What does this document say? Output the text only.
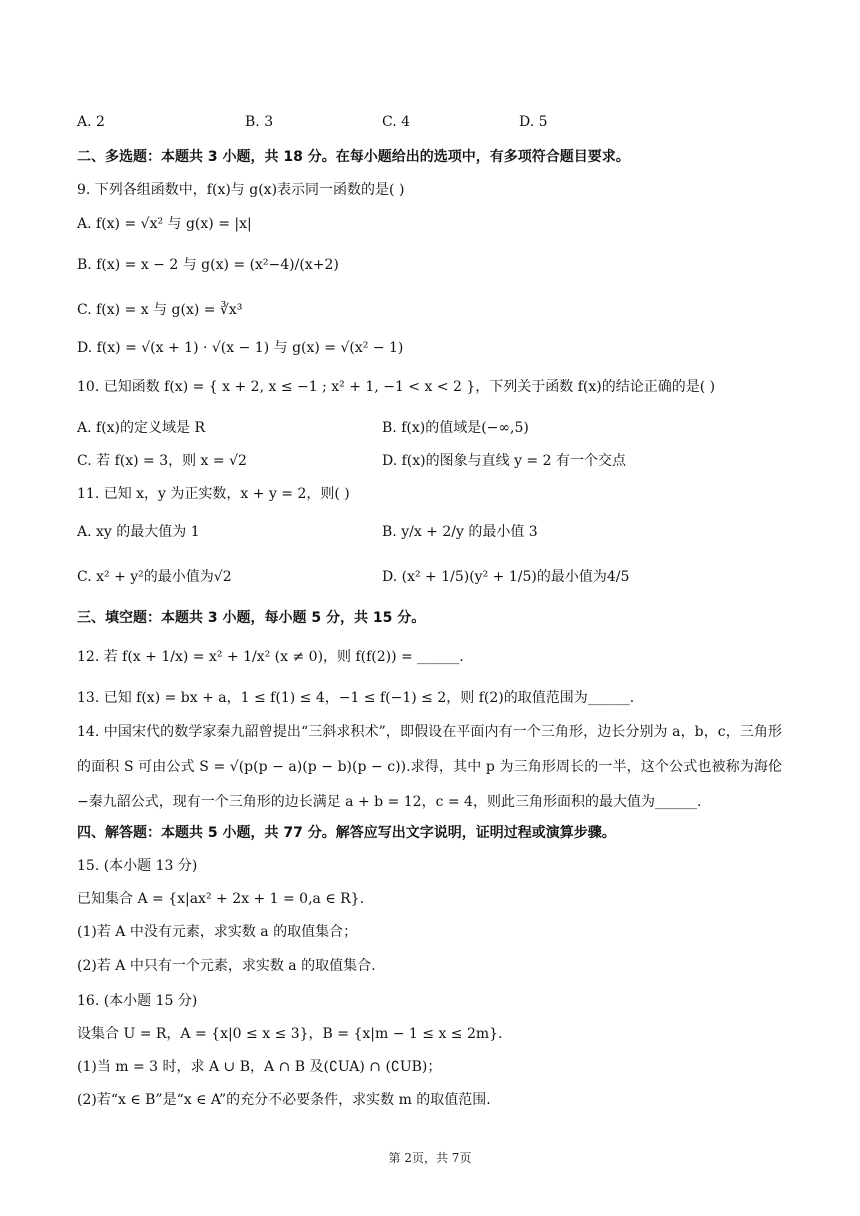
A. 2	B. 3	C. 4	D. 5
二、多选题：本题共 3 小题，共 18 分。在每小题给出的选项中，有多项符合题目要求。
9. 下列各组函数中，f(x)与 g(x)表示同一函数的是( )
A. f(x) = √x² 与 g(x) = |x|
B. f(x) = x − 2 与 g(x) = (x²−4)/(x+2)
C. f(x) = x 与 g(x) = ∛x³
D. f(x) = √(x + 1) · √(x − 1) 与 g(x) = √(x² − 1)
10. 已知函数 f(x) = { x + 2, x ≤ −1 ; x² + 1, −1 < x < 2 }，下列关于函数 f(x)的结论正确的是( )
A. f(x)的定义域是 R	B. f(x)的值域是(−∞,5)
C. 若 f(x) = 3，则 x = √2	D. f(x)的图象与直线 y = 2 有一个交点
11. 已知 x，y 为正实数，x + y = 2，则( )
A. xy 的最大值为 1	B. y/x + 2/y 的最小值 3
C. x² + y²的最小值为√2	D. (x² + 1/5)(y² + 1/5)的最小值为4/5
三、填空题：本题共 3 小题，每小题 5 分，共 15 分。
12. 若 f(x + 1/x) = x² + 1/x² (x ≠ 0)，则 f(f(2)) = ______.
13. 已知 f(x) = bx + a，1 ≤ f(1) ≤ 4，−1 ≤ f(−1) ≤ 2，则 f(2)的取值范围为______.
14. 中国宋代的数学家秦九韶曾提出“三斜求积术”，即假设在平面内有一个三角形，边长分别为 a，b，c，三角形的面积 S 可由公式 S = √(p(p − a)(p − b)(p − c)).求得，其中 p 为三角形周长的一半，这个公式也被称为海伦−秦九韶公式，现有一个三角形的边长满足 a + b = 12，c = 4，则此三角形面积的最大值为______.
四、解答题：本题共 5 小题，共 77 分。解答应写出文字说明，证明过程或演算步骤。
15. (本小题 13 分)
已知集合 A = {x|ax² + 2x + 1 = 0,a ∈ R}.
(1)若 A 中没有元素，求实数 a 的取值集合；
(2)若 A 中只有一个元素，求实数 a 的取值集合.
16. (本小题 15 分)
设集合 U = R，A = {x|0 ≤ x ≤ 3}，B = {x|m − 1 ≤ x ≤ 2m}.
(1)当 m = 3 时，求 A ∪ B，A ∩ B 及(∁UA) ∩ (∁UB)；
(2)若“x ∈ B”是“x ∈ A”的充分不必要条件，求实数 m 的取值范围.
第 2页，共 7页
